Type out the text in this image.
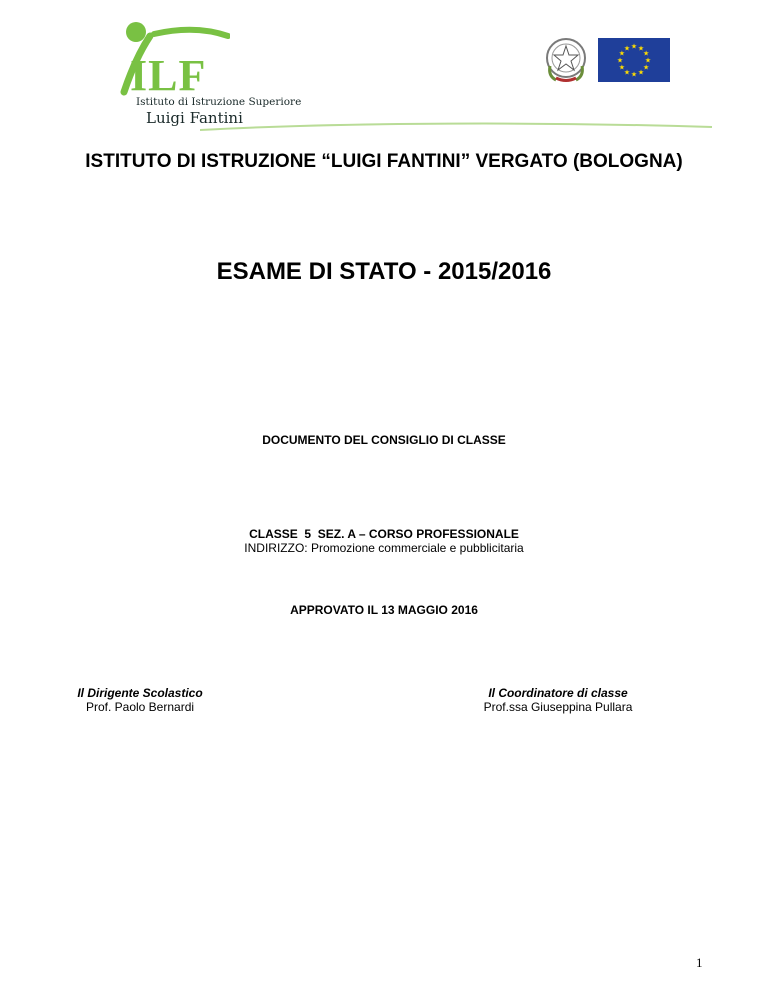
ILF
Istituto di Istruzione Superiore
Luigi Fantini
★ ★
★
★
★
★
★
★
★
★
★
★
ISTITUTO DI ISTRUZIONE “LUIGI FANTINI” VERGATO (BOLOGNA)
ESAME DI STATO - 2015/2016
DOCUMENTO DEL CONSIGLIO DI CLASSE
CLASSE  5  SEZ. A – CORSO PROFESSIONALE
INDIRIZZO: Promozione commerciale e pubblicitaria
APPROVATO IL 13 MAGGIO 2016
Il Dirigente Scolastico
Prof. Paolo Bernardi
Il Coordinatore di classe
Prof.ssa Giuseppina Pullara
1
